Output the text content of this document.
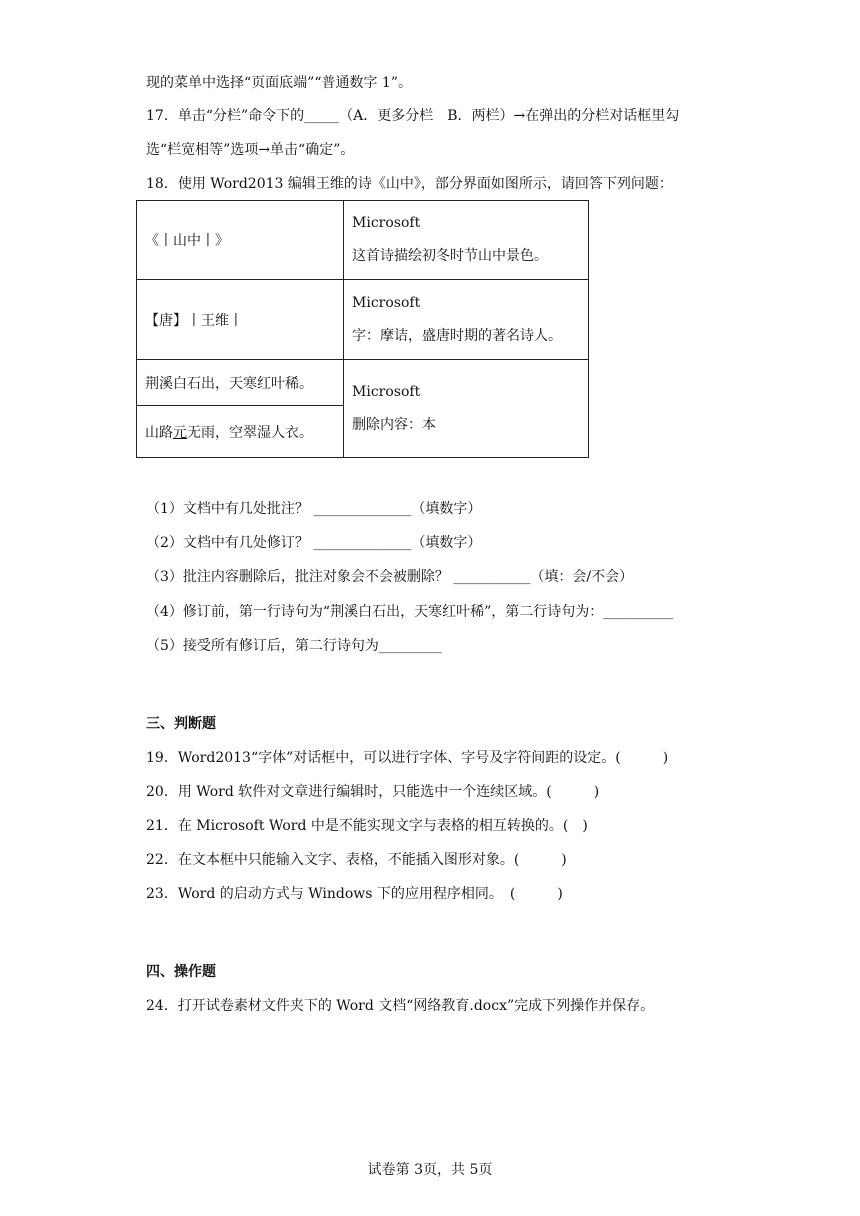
现的菜单中选择“页面底端”“普通数字 1”。
17．单击“分栏”命令下的_____（A．更多分栏　B．两栏）→在弹出的分栏对话框里勾
选“栏宽相等”选项→单击“确定”。
18．使用 Word2013 编辑王维的诗《山中》，部分界面如图所示，请回答下列问题：
《丨山中丨》	Microsoft
这首诗描绘初冬时节山中景色。

【唐】丨王维丨	Microsoft
字：摩诘，盛唐时期的著名诗人。

荆溪白石出，天寒红叶稀。	Microsoft
删除内容：本

山路元无雨，空翠湿人衣。	
（1）文档中有几处批注？ ______________（填数字）
（2）文档中有几处修订？ ______________（填数字）
（3）批注内容删除后，批注对象会不会被删除？ ___________（填：会/不会）
（4）修订前，第一行诗句为“荆溪白石出，天寒红叶稀”，第二行诗句为：__________
（5）接受所有修订后，第二行诗句为_________
三、判断题
19．Word2013“字体”对话框中，可以进行字体、字号及字符间距的设定。(　　　)
20．用 Word 软件对文章进行编辑时，只能选中一个连续区域。(　　　)
21．在 Microsoft Word 中是不能实现文字与表格的相互转换的。(　)
22．在文本框中只能输入文字、表格，不能插入图形对象。(　　　)
23．Word 的启动方式与 Windows 下的应用程序相同。　(　　　)
四、操作题
24．打开试卷素材文件夹下的 Word 文档“网络教育.docx”完成下列操作并保存。
试卷第 3页，共 5页
